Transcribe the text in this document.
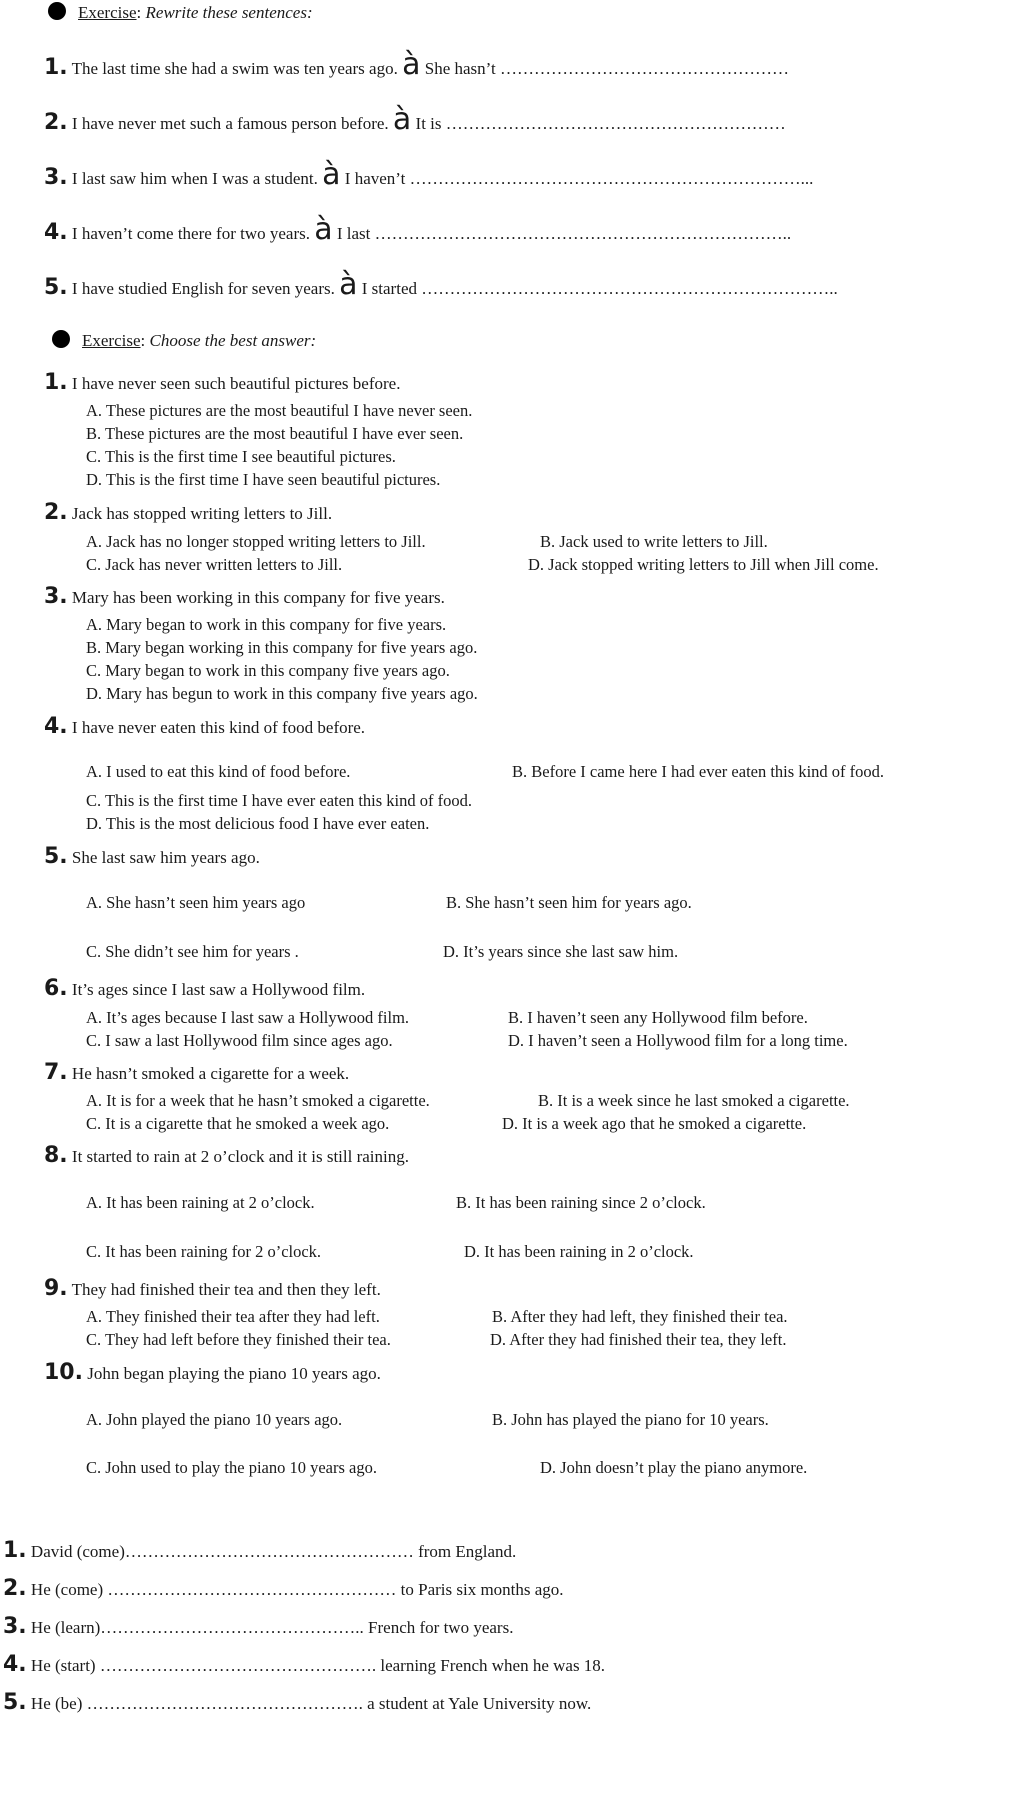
Exercise: Rewrite these sentences:
1. The last time she had a swim was ten years ago. à She hasn’t ……………………………………………
2. I have never met such a famous person before. à It is ……………………………………………………
3. I last saw him when I was a student. à I haven’t ……………………………………………………………...
4. I haven’t come there for two years. à I last ………………………………………………………………..
5. I have studied English for seven years. à I started ………………………………………………………………..
Exercise: Choose the best answer:
1. I have never seen such beautiful pictures before.
A. These pictures are the most beautiful I have never seen.
B. These pictures are the most beautiful I have ever seen.
C. This is the first time I see beautiful pictures.
D. This is the first time I have seen beautiful pictures.
2. Jack has stopped writing letters to Jill.
A. Jack has no longer stopped writing letters to Jill.	B. Jack used to write letters to Jill.
C. Jack has never written letters to Jill.	D. Jack stopped writing letters to Jill when Jill come.
3. Mary has been working in this company for five years.
A. Mary began to work in this company for five years.
B. Mary began working in this company for five years ago.
C. Mary began to work in this company five years ago.
D. Mary has begun to work in this company five years ago.
4. I have never eaten this kind of food before.
A. I used to eat this kind of food before.	B. Before I came here I had ever eaten this kind of food.
C. This is the first time I have ever eaten this kind of food.
D. This is the most delicious food I have ever eaten.
5. She last saw him years ago.
A. She hasn’t seen him years ago	B. She hasn’t seen him for years ago.
C. She didn’t see him for years .	D. It’s years since she last saw him.
6. It’s ages since I last saw a Hollywood film.
A. It’s ages because I last saw a Hollywood film.	B. I haven’t seen any Hollywood film before.
C. I saw a last Hollywood film since ages ago.	D. I haven’t seen a Hollywood film for a long time.
7. He hasn’t smoked a cigarette for a week.
A. It is for a week that he hasn’t smoked a cigarette.	B. It is a week since he last smoked a cigarette.
C. It is a cigarette that he smoked a week ago.	D. It is a week ago that he smoked a cigarette.
8. It started to rain at 2 o’clock and it is still raining.
A. It has been raining at 2 o’clock.	B. It has been raining since 2 o’clock.
C. It has been raining for 2 o’clock.	D. It has been raining in 2 o’clock.
9. They had finished their tea and then they left.
A. They finished their tea after they had left.	B. After they had left, they finished their tea.
C. They had left before they finished their tea.	D. After they had finished their tea, they left.
10. John began playing the piano 10 years ago.
A. John played the piano 10 years ago.	B. John has played the piano for 10 years.
C. John used to play the piano 10 years ago.	D. John doesn’t play the piano anymore.
1. David (come)…………………………………………… from England.
2. He (come) …………………………………………… to Paris six months ago.
3. He (learn)……………………………………….. French for two years.
4. He (start) …………………………………………. learning French when he was 18.
5. He (be) …………………………………………. a student at Yale University now.
